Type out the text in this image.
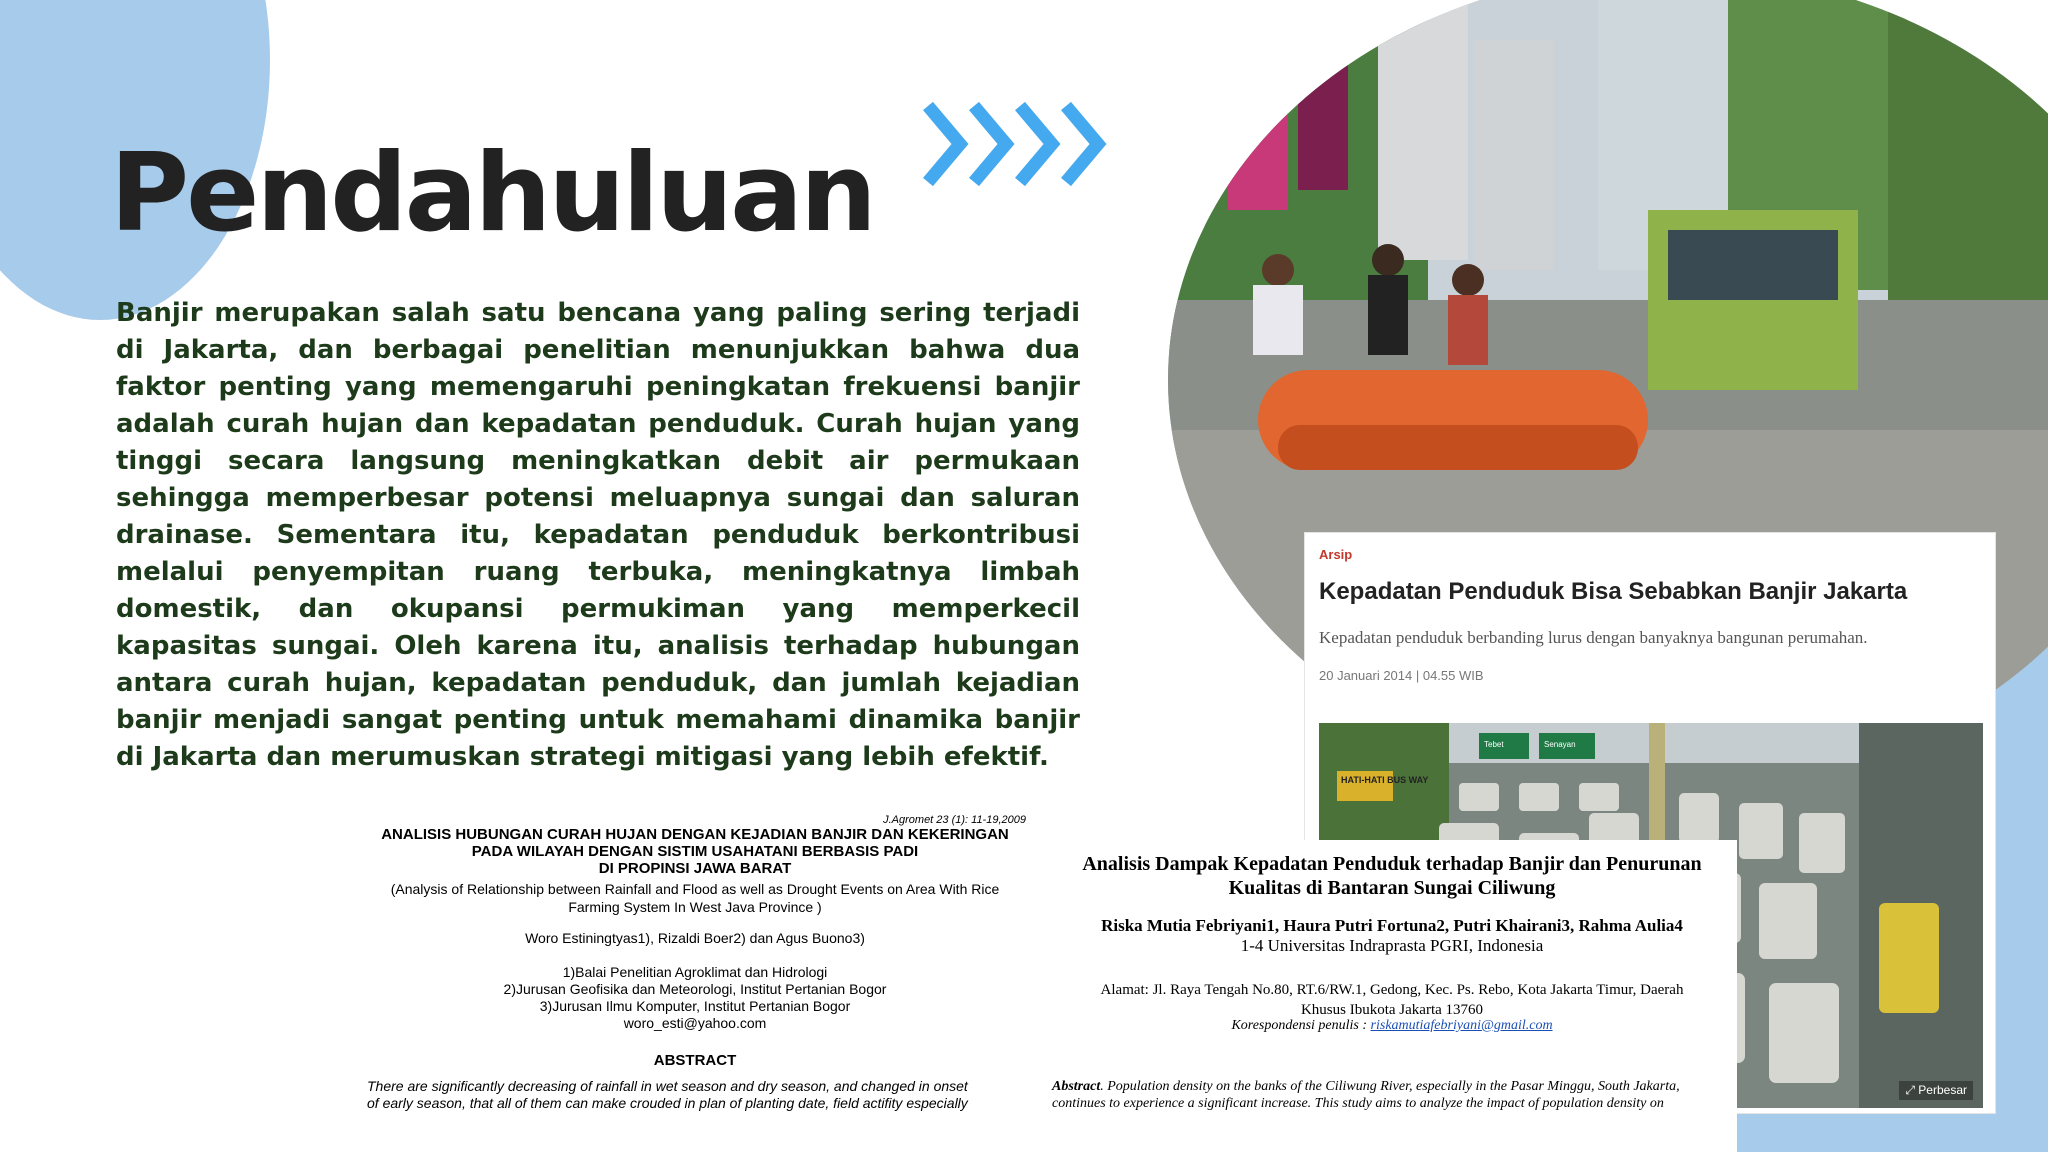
Pendahuluan

Banjir merupakan salah satu bencana yang paling sering terjadi di Jakarta, dan berbagai penelitian menunjukkan bahwa dua faktor penting yang memengaruhi peningkatan frekuensi banjir adalah curah hujan dan kepadatan penduduk. Curah hujan yang tinggi secara langsung meningkatkan debit air permukaan sehingga memperbesar potensi meluapnya sungai dan saluran drainase. Sementara itu, kepadatan penduduk berkontribusi melalui penyempitan ruang terbuka, meningkatnya limbah domestik, dan okupansi permukiman yang memperkecil kapasitas sungai. Oleh karena itu, analisis terhadap hubungan antara curah hujan, kepadatan penduduk, dan jumlah kejadian banjir menjadi sangat penting untuk memahami dinamika banjir di Jakarta dan merumuskan strategi mitigasi yang lebih efektif.

Arsip
Kepadatan Penduduk Bisa Sebabkan Banjir Jakarta
Kepadatan penduduk berbanding lurus dengan banyaknya bangunan perumahan.
20 Januari 2014 | 04.55 WIB
HATI-HATI BUS WAY
Tebet	Senayan
⤢ Perbesar
J.Agromet 23 (1): 11-19,2009
ANALISIS HUBUNGAN CURAH HUJAN DENGAN KEJADIAN BANJIR DAN KEKERINGAN
PADA WILAYAH DENGAN SISTIM USAHATANI BERBASIS PADI
DI PROPINSI JAWA BARAT
(Analysis of Relationship between Rainfall and Flood as well as Drought Events on Area With Rice
Farming System In West Java Province )
Woro Estiningtyas1), Rizaldi Boer2) dan Agus Buono3)
1)Balai Penelitian Agroklimat dan Hidrologi
2)Jurusan Geofisika dan Meteorologi, Institut Pertanian Bogor
3)Jurusan Ilmu Komputer, Institut Pertanian Bogor
woro_esti@yahoo.com
ABSTRACT
There are significantly decreasing of rainfall in wet season and dry season, and changed in onset
of early season, that all of them can make crouded in plan of planting date, field actifity especially
Analisis Dampak Kepadatan Penduduk terhadap Banjir dan Penurunan
Kualitas di Bantaran Sungai Ciliwung
Riska Mutia Febriyani1, Haura Putri Fortuna2, Putri Khairani3, Rahma Aulia4
1-4 Universitas Indraprasta PGRI, Indonesia
Alamat: Jl. Raya Tengah No.80, RT.6/RW.1, Gedong, Kec. Ps. Rebo, Kota Jakarta Timur, Daerah
Khusus Ibukota Jakarta 13760
Korespondensi penulis : riskamutiafebriyani@gmail.com
Abstract. Population density on the banks of the Ciliwung River, especially in the Pasar Minggu, South Jakarta,
continues to experience a significant increase. This study aims to analyze the impact of population density on
